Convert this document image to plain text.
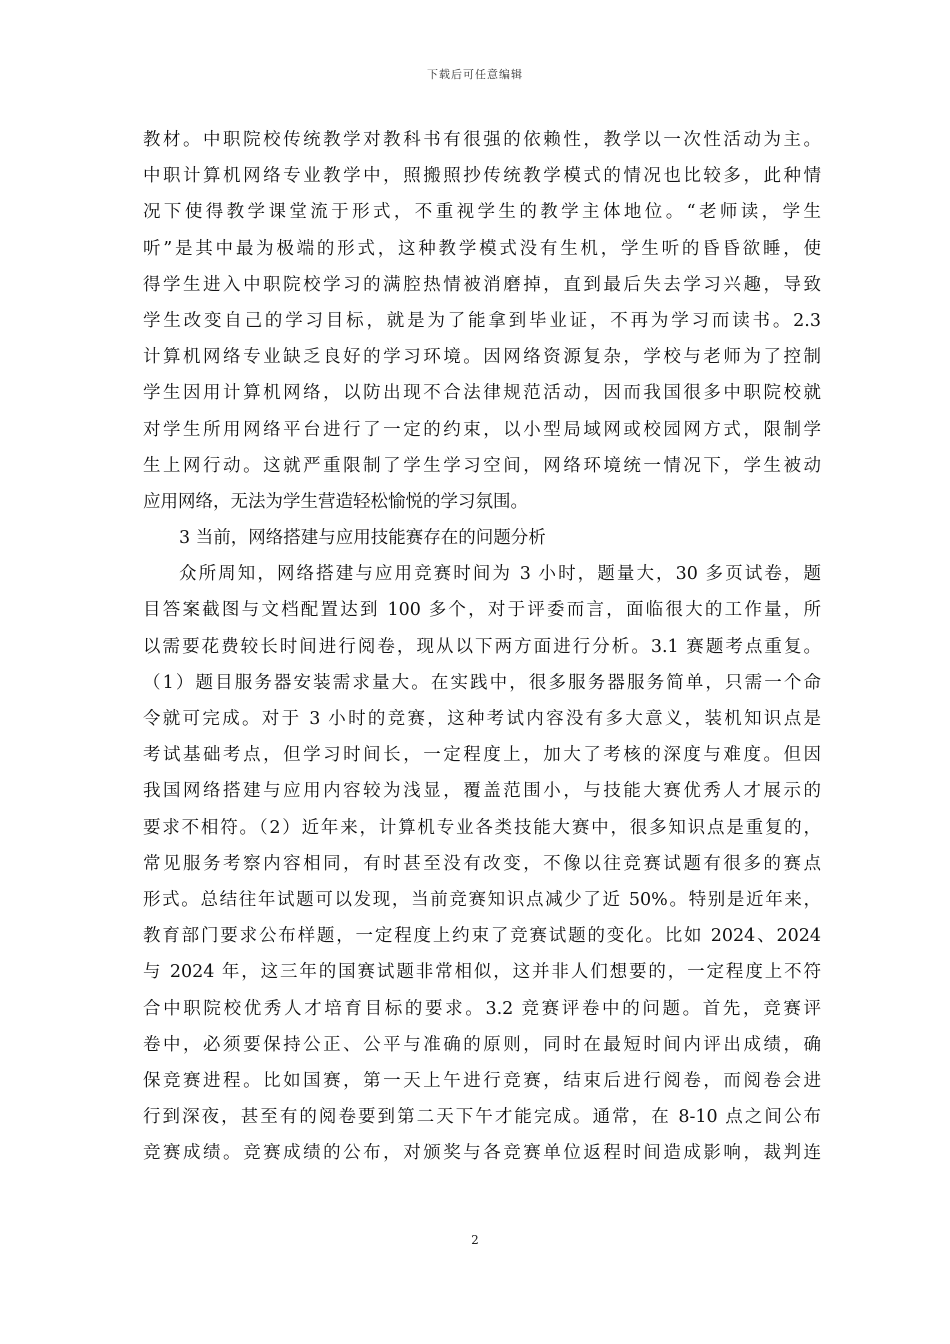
下载后可任意编辑
教材。中职院校传统教学对教科书有很强的依赖性，教学以一次性活动为主。
中职计算机网络专业教学中，照搬照抄传统教学模式的情况也比较多，此种情
况下使得教学课堂流于形式，不重视学生的教学主体地位。“老师读，学生
听”是其中最为极端的形式，这种教学模式没有生机，学生听的昏昏欲睡，使
得学生进入中职院校学习的满腔热情被消磨掉，直到最后失去学习兴趣，导致
学生改变自己的学习目标，就是为了能拿到毕业证，不再为学习而读书。2.3
计算机网络专业缺乏良好的学习环境。因网络资源复杂，学校与老师为了控制
学生因用计算机网络，以防出现不合法律规范活动，因而我国很多中职院校就
对学生所用网络平台进行了一定的约束，以小型局域网或校园网方式，限制学
生上网行动。这就严重限制了学生学习空间，网络环境统一情况下，学生被动
应用网络，无法为学生营造轻松愉悦的学习氛围。
3 当前，网络搭建与应用技能赛存在的问题分析
众所周知，网络搭建与应用竞赛时间为 3 小时，题量大，30 多页试卷，题
目答案截图与文档配置达到 100 多个，对于评委而言，面临很大的工作量，所
以需要花费较长时间进行阅卷，现从以下两方面进行分析。3.1 赛题考点重复。
（1）题目服务器安装需求量大。在实践中，很多服务器服务简单，只需一个命
令就可完成。对于 3 小时的竞赛，这种考试内容没有多大意义，装机知识点是
考试基础考点，但学习时间长，一定程度上，加大了考核的深度与难度。但因
我国网络搭建与应用内容较为浅显，覆盖范围小，与技能大赛优秀人才展示的
要求不相符。（2）近年来，计算机专业各类技能大赛中，很多知识点是重复的，
常见服务考察内容相同，有时甚至没有改变，不像以往竞赛试题有很多的赛点
形式。总结往年试题可以发现，当前竞赛知识点减少了近 50%。特别是近年来，
教育部门要求公布样题，一定程度上约束了竞赛试题的变化。比如 2024、2024
与 2024 年，这三年的国赛试题非常相似，这并非人们想要的，一定程度上不符
合中职院校优秀人才培育目标的要求。3.2 竞赛评卷中的问题。首先，竞赛评
卷中，必须要保持公正、公平与准确的原则，同时在最短时间内评出成绩，确
保竞赛进程。比如国赛，第一天上午进行竞赛，结束后进行阅卷，而阅卷会进
行到深夜，甚至有的阅卷要到第二天下午才能完成。通常，在 8-10 点之间公布
竞赛成绩。竞赛成绩的公布，对颁奖与各竞赛单位返程时间造成影响，裁判连
2
